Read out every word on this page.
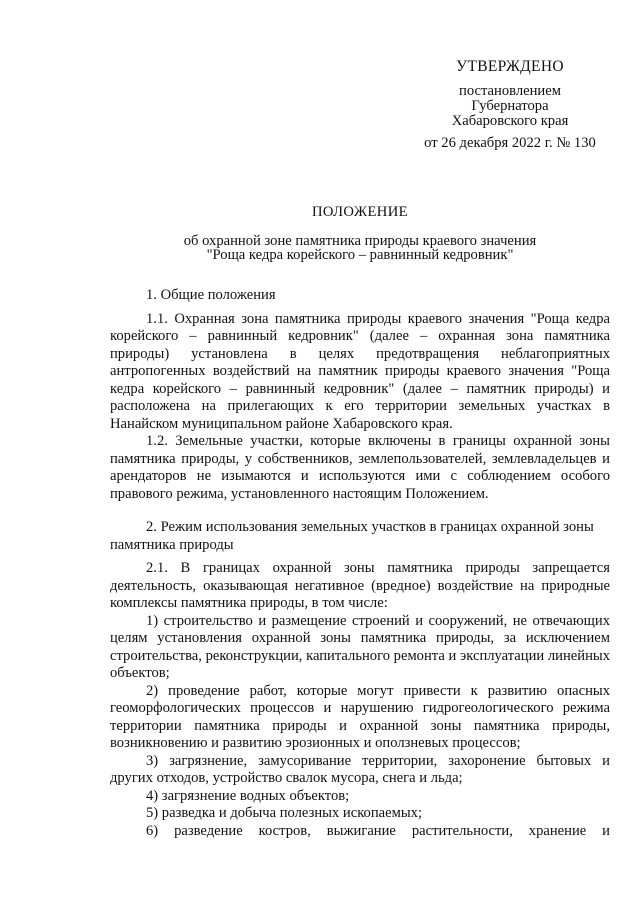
УТВЕРЖДЕНО
постановлением
Губернатора
Хабаровского края
от 26 декабря 2022 г. № 130
ПОЛОЖЕНИЕ
об охранной зоне памятника природы краевого значения
"Роща кедра корейского – равнинный кедровник"

1. Общие положения

1.1. Охранная зона памятника природы краевого значения "Роща кедра корейского – равнинный кедровник" (далее – охранная зона памятника природы) установлена в целях предотвращения неблагоприятных антропогенных воздействий на памятник природы краевого значения "Роща кедра корейского – равнинный кедровник" (далее – памятник природы) и расположена на прилегающих к его территории земельных участках в Нанайском муниципальном районе Хабаровского края.

1.2. Земельные участки, которые включены в границы охранной зоны памятника природы, у собственников, землепользователей, землевладельцев и арендаторов не изымаются и используются ими с соблюдением особого правового режима, установленного настоящим Положением.

2. Режим использования земельных участков в границах охранной зоны памятника природы

2.1. В границах охранной зоны памятника природы запрещается деятельность, оказывающая негативное (вредное) воздействие на природные комплексы памятника природы, в том числе:

1) строительство и размещение строений и сооружений, не отвечающих целям установления охранной зоны памятника природы, за исключением строительства, реконструкции, капитального ремонта и эксплуатации линейных объектов;

2) проведение работ, которые могут привести к развитию опасных геоморфологических процессов и нарушению гидрогеологического режима территории памятника природы и охранной зоны памятника природы, возникновению и развитию эрозионных и оползневых процессов;

3) загрязнение, замусоривание территории, захоронение бытовых и других отходов, устройство свалок мусора, снега и льда;

4) загрязнение водных объектов;

5) разведка и добыча полезных ископаемых;

6) разведение костров, выжигание растительности, хранение и
